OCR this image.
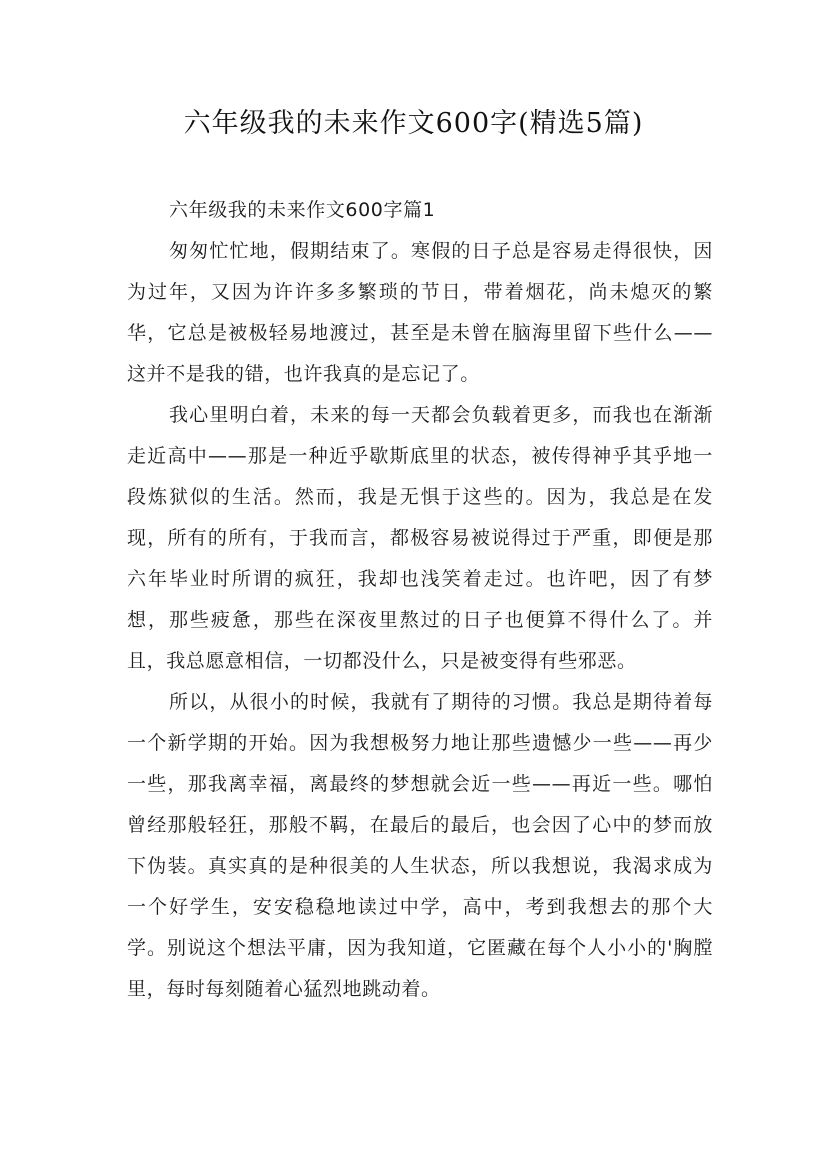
六年级我的未来作文600字(精选5篇)

六年级我的未来作文600字篇1

匆匆忙忙地，假期结束了。寒假的日子总是容易走得很快，因为过年，又因为许许多多繁琐的节日，带着烟花，尚未熄灭的繁华，它总是被极轻易地渡过，甚至是未曾在脑海里留下些什么——这并不是我的错，也许我真的是忘记了。

我心里明白着，未来的每一天都会负载着更多，而我也在渐渐走近高中——那是一种近乎歇斯底里的状态，被传得神乎其乎地一段炼狱似的生活。然而，我是无惧于这些的。因为，我总是在发现，所有的所有，于我而言，都极容易被说得过于严重，即便是那六年毕业时所谓的疯狂，我却也浅笑着走过。也许吧，因了有梦想，那些疲惫，那些在深夜里熬过的日子也便算不得什么了。并且，我总愿意相信，一切都没什么，只是被变得有些邪恶。

所以，从很小的时候，我就有了期待的习惯。我总是期待着每一个新学期的开始。因为我想极努力地让那些遗憾少一些——再少一些，那我离幸福，离最终的梦想就会近一些——再近一些。哪怕曾经那般轻狂，那般不羁，在最后的最后，也会因了心中的梦而放下伪装。真实真的是种很美的人生状态，所以我想说，我渴求成为一个好学生，安安稳稳地读过中学，高中，考到我想去的那个大学。别说这个想法平庸，因为我知道，它匿藏在每个人小小的'胸膛里，每时每刻随着心猛烈地跳动着。
